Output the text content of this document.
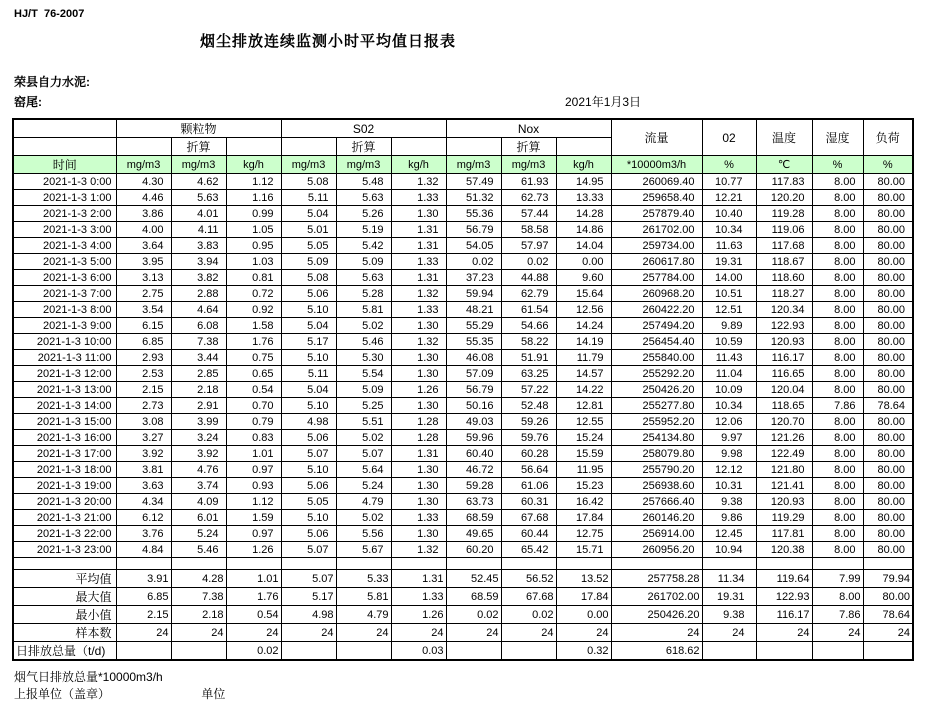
HJ/T  76-2007
烟尘排放连续监测小时平均值日报表
荣县自力水泥:
窑尾:	2021年1月3日
	颗粒物			S02			Nox			流量	02	温度	湿度	负荷
		折算			折算			折算						
时间	mg/m3	mg/m3	kg/h	mg/m3	mg/m3	kg/h	mg/m3	mg/m3	kg/h	*10000m3/h	%	℃	%	%
2021-1-3 0:00	4.30	4.62	1.12	5.08	5.48	1.32	57.49	61.93	14.95	260069.40	10.77	117.83	8.00	80.00
2021-1-3 1:00	4.46	5.63	1.16	5.11	5.63	1.33	51.32	62.73	13.33	259658.40	12.21	120.20	8.00	80.00
2021-1-3 2:00	3.86	4.01	0.99	5.04	5.26	1.30	55.36	57.44	14.28	257879.40	10.40	119.28	8.00	80.00
2021-1-3 3:00	4.00	4.11	1.05	5.01	5.19	1.31	56.79	58.58	14.86	261702.00	10.34	119.06	8.00	80.00
2021-1-3 4:00	3.64	3.83	0.95	5.05	5.42	1.31	54.05	57.97	14.04	259734.00	11.63	117.68	8.00	80.00
2021-1-3 5:00	3.95	3.94	1.03	5.09	5.09	1.33	0.02	0.02	0.00	260617.80	19.31	118.67	8.00	80.00
2021-1-3 6:00	3.13	3.82	0.81	5.08	5.63	1.31	37.23	44.88	9.60	257784.00	14.00	118.60	8.00	80.00
2021-1-3 7:00	2.75	2.88	0.72	5.06	5.28	1.32	59.94	62.79	15.64	260968.20	10.51	118.27	8.00	80.00
2021-1-3 8:00	3.54	4.64	0.92	5.10	5.81	1.33	48.21	61.54	12.56	260422.20	12.51	120.34	8.00	80.00
2021-1-3 9:00	6.15	6.08	1.58	5.04	5.02	1.30	55.29	54.66	14.24	257494.20	9.89	122.93	8.00	80.00
2021-1-3 10:00	6.85	7.38	1.76	5.17	5.46	1.32	55.35	58.22	14.19	256454.40	10.59	120.93	8.00	80.00
2021-1-3 11:00	2.93	3.44	0.75	5.10	5.30	1.30	46.08	51.91	11.79	255840.00	11.43	116.17	8.00	80.00
2021-1-3 12:00	2.53	2.85	0.65	5.11	5.54	1.30	57.09	63.25	14.57	255292.20	11.04	116.65	8.00	80.00
2021-1-3 13:00	2.15	2.18	0.54	5.04	5.09	1.26	56.79	57.22	14.22	250426.20	10.09	120.04	8.00	80.00
2021-1-3 14:00	2.73	2.91	0.70	5.10	5.25	1.30	50.16	52.48	12.81	255277.80	10.34	118.65	7.86	78.64
2021-1-3 15:00	3.08	3.99	0.79	4.98	5.51	1.28	49.03	59.26	12.55	255952.20	12.06	120.70	8.00	80.00
2021-1-3 16:00	3.27	3.24	0.83	5.06	5.02	1.28	59.96	59.76	15.24	254134.80	9.97	121.26	8.00	80.00
2021-1-3 17:00	3.92	3.92	1.01	5.07	5.07	1.31	60.40	60.28	15.59	258079.80	9.98	122.49	8.00	80.00
2021-1-3 18:00	3.81	4.76	0.97	5.10	5.64	1.30	46.72	56.64	11.95	255790.20	12.12	121.80	8.00	80.00
2021-1-3 19:00	3.63	3.74	0.93	5.06	5.24	1.30	59.28	61.06	15.23	256938.60	10.31	121.41	8.00	80.00
2021-1-3 20:00	4.34	4.09	1.12	5.05	4.79	1.30	63.73	60.31	16.42	257666.40	9.38	120.93	8.00	80.00
2021-1-3 21:00	6.12	6.01	1.59	5.10	5.02	1.33	68.59	67.68	17.84	260146.20	9.86	119.29	8.00	80.00
2021-1-3 22:00	3.76	5.24	0.97	5.06	5.56	1.30	49.65	60.44	12.75	256914.00	12.45	117.81	8.00	80.00
2021-1-3 23:00	4.84	5.46	1.26	5.07	5.67	1.32	60.20	65.42	15.71	260956.20	10.94	120.38	8.00	80.00

平均值	3.91	4.28	1.01	5.07	5.33	1.31	52.45	56.52	13.52	257758.28	11.34	119.64	7.99	79.94
最大值	6.85	7.38	1.76	5.17	5.81	1.33	68.59	67.68	17.84	261702.00	19.31	122.93	8.00	80.00
最小值	2.15	2.18	0.54	4.98	4.79	1.26	0.02	0.02	0.00	250426.20	9.38	116.17	7.86	78.64
样本数	24	24	24	24	24	24	24	24	24	24	24	24	24	24
日排放总量（t/d)			0.02			0.03			0.32	618.62				
烟气日排放总量*10000m3/h
上报单位（盖章）	单位
